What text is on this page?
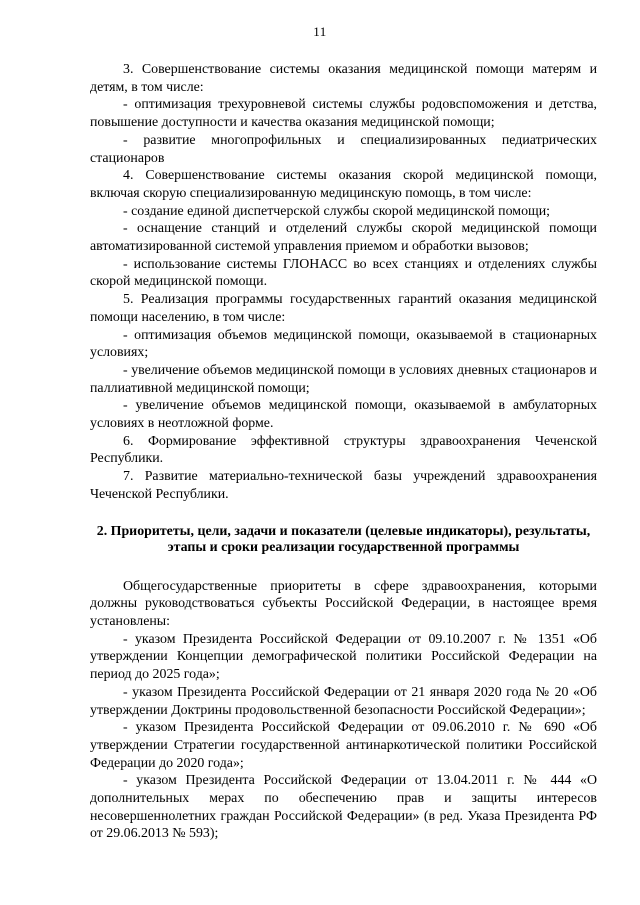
11

3. Совершенствование системы оказания медицинской помощи матерям и детям, в том числе:

- оптимизация трехуровневой системы службы родовспоможения и детства, повышение доступности и качества оказания медицинской помощи;

- развитие многопрофильных и специализированных педиатрических стационаров

4. Совершенствование системы оказания скорой медицинской помощи, включая скорую специализированную медицинскую помощь, в том числе:

- создание единой диспетчерской службы скорой медицинской помощи;

- оснащение станций и отделений службы скорой медицинской помощи автоматизированной системой управления приемом и обработки вызовов;

- использование системы ГЛОНАСС во всех станциях и отделениях службы скорой медицинской помощи.

5. Реализация программы государственных гарантий оказания медицинской помощи населению, в том числе:

- оптимизация объемов медицинской помощи, оказываемой в стационарных условиях;

- увеличение объемов медицинской помощи в условиях дневных стационаров и паллиативной медицинской помощи;

- увеличение объемов медицинской помощи, оказываемой в амбулаторных условиях в неотложной форме.

6. Формирование эффективной структуры здравоохранения Чеченской Республики.

7. Развитие материально-технической базы учреждений здравоохранения Чеченской Республики.

2. Приоритеты, цели, задачи и показатели (целевые индикаторы), результаты, этапы и сроки реализации государственной программы

Общегосударственные приоритеты в сфере здравоохранения, которыми должны руководствоваться субъекты Российской Федерации, в настоящее время установлены:

- указом Президента Российской Федерации от 09.10.2007 г. № 1351 «Об утверждении Концепции демографической политики Российской Федерации на период до 2025 года»;

- указом Президента Российской Федерации от 21 января 2020 года № 20 «Об утверждении Доктрины продовольственной безопасности Российской Федерации»;

- указом Президента Российской Федерации от 09.06.2010 г. № 690 «Об утверждении Стратегии государственной антинаркотической политики Российской Федерации до 2020 года»;

- указом Президента Российской Федерации от 13.04.2011 г. № 444 «О дополнительных мерах по обеспечению прав и защиты интересов несовершеннолетних граждан Российской Федерации» (в ред. Указа Президента РФ от 29.06.2013 № 593);
